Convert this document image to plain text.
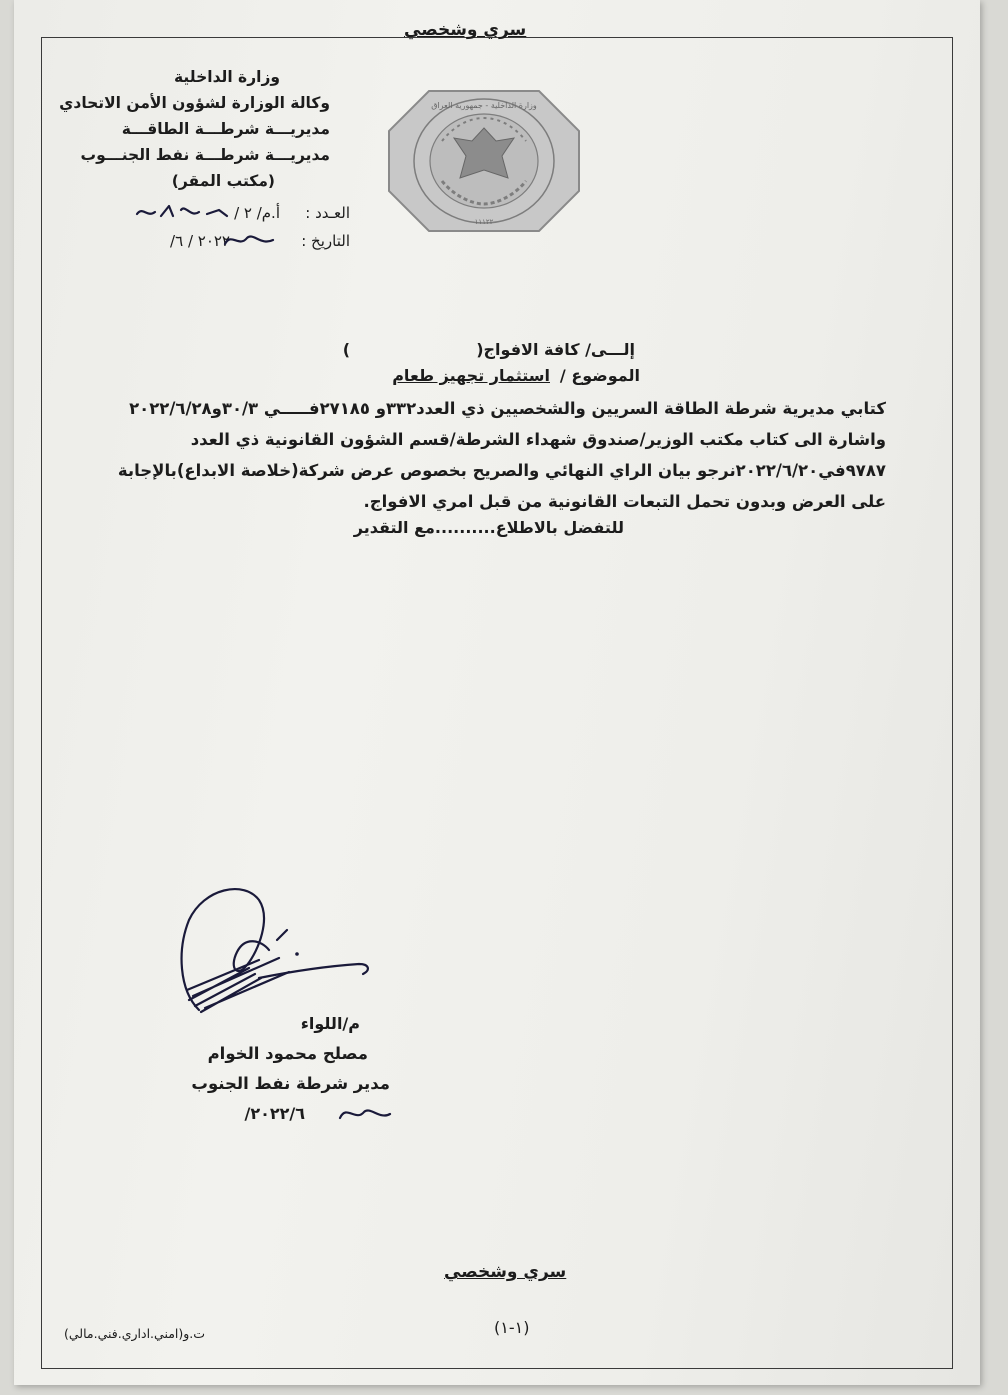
سري وشخصي
وزارة الداخلية
وكالة الوزارة لشؤون الأمن الاتحادي
مديريـــة شرطـــة الطاقـــة
مديريـــة شرطـــة نفط الجنـــوب
(مكتب المقر)
العـدد :
أ.م/ ٢ /
التاريخ :
٢٠٢٢ / ٦/
وزارة الداخلية - جمهورية العراق
١١١٢٢
إلـــى/ كافة الافواج(
)
الموضوع /
استثمار تجهيز طعام
كتابي مديرية شرطة الطاقة السريين والشخصيين ذي العدد٣٣٢و ٢٧١٨٥فـــــي ٣٠/٣و٢٠٢٢/٦/٢٨
واشارة الى كتاب مكتب الوزير/صندوق شهداء الشرطة/قسم الشؤون القانونية ذي العدد
٩٧٨٧في٢٠٢٢/٦/٢٠نرجو بيان الراي النهائي والصريح بخصوص عرض شركة(خلاصة الابداع)بالإجابة
على العرض وبدون تحمل التبعات القانونية من قبل امري الافواج.
للتفضل بالاطلاع..........مع التقدير
م/اللواء
مصلح محمود الخوام
مدير شرطة نفط الجنوب
٢٠٢٢/٦/
سري وشخصي
(١-١)
ت.و(امني.اداري.فني.مالي)
